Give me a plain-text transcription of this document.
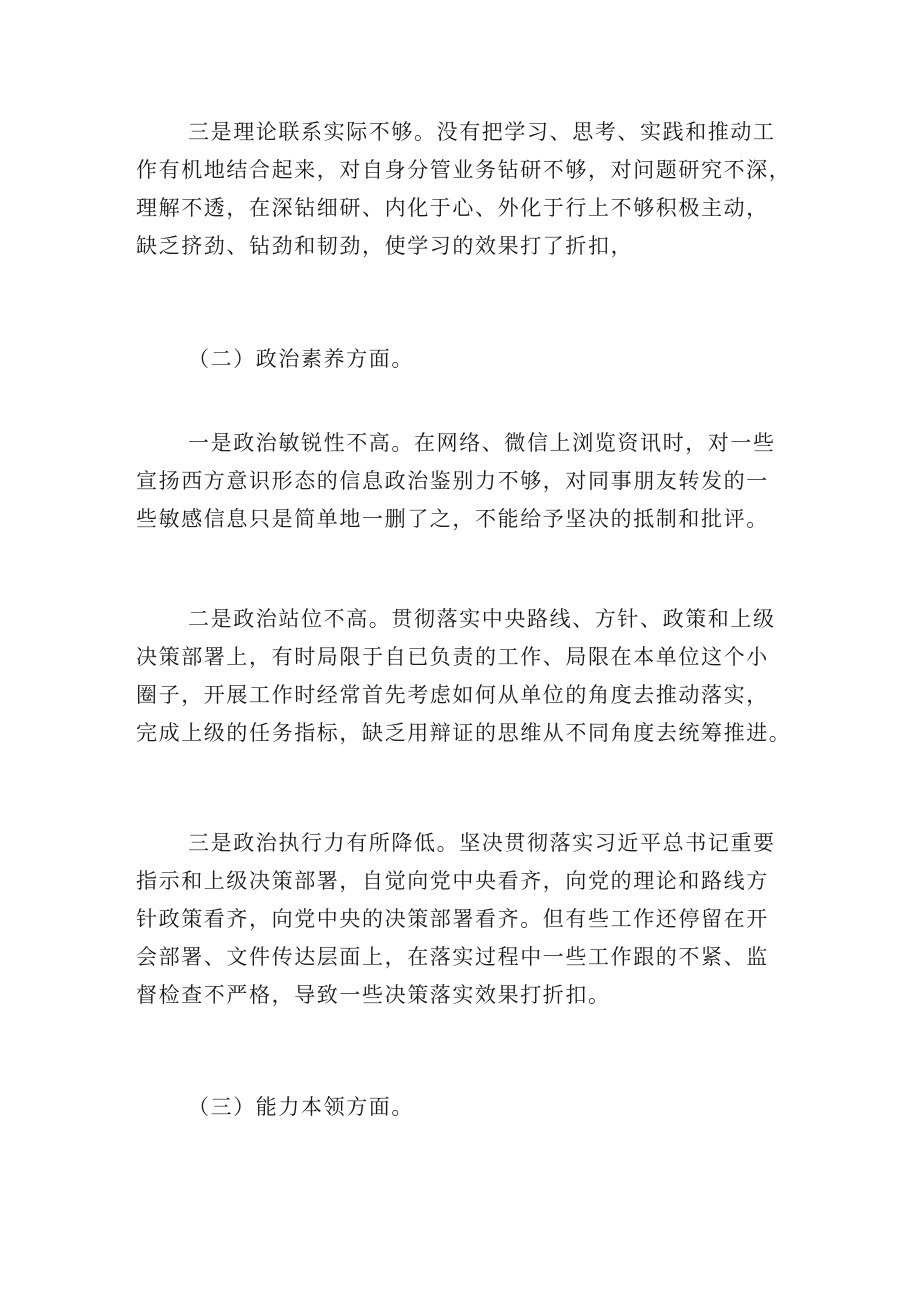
三是理论联系实际不够。没有把学习、思考、实践和推动工
作有机地结合起来，对自身分管业务钻研不够，对问题研究不深，
理解不透，在深钻细研、内化于心、外化于行上不够积极主动，
缺乏挤劲、钻劲和韧劲，使学习的效果打了折扣，
（二）政治素养方面。
一是政治敏锐性不高。在网络、微信上浏览资讯时，对一些
宣扬西方意识形态的信息政治鉴别力不够，对同事朋友转发的一
些敏感信息只是简单地一删了之，不能给予坚决的抵制和批评。
二是政治站位不高。贯彻落实中央路线、方针、政策和上级
决策部署上，有时局限于自已负责的工作、局限在本单位这个小
圈子，开展工作时经常首先考虑如何从单位的角度去推动落实，
完成上级的任务指标，缺乏用辩证的思维从不同角度去统筹推进。
三是政治执行力有所降低。坚决贯彻落实习近平总书记重要
指示和上级决策部署，自觉向党中央看齐，向党的理论和路线方
针政策看齐，向党中央的决策部署看齐。但有些工作还停留在开
会部署、文件传达层面上，在落实过程中一些工作跟的不紧、监
督检查不严格，导致一些决策落实效果打折扣。
（三）能力本领方面。
